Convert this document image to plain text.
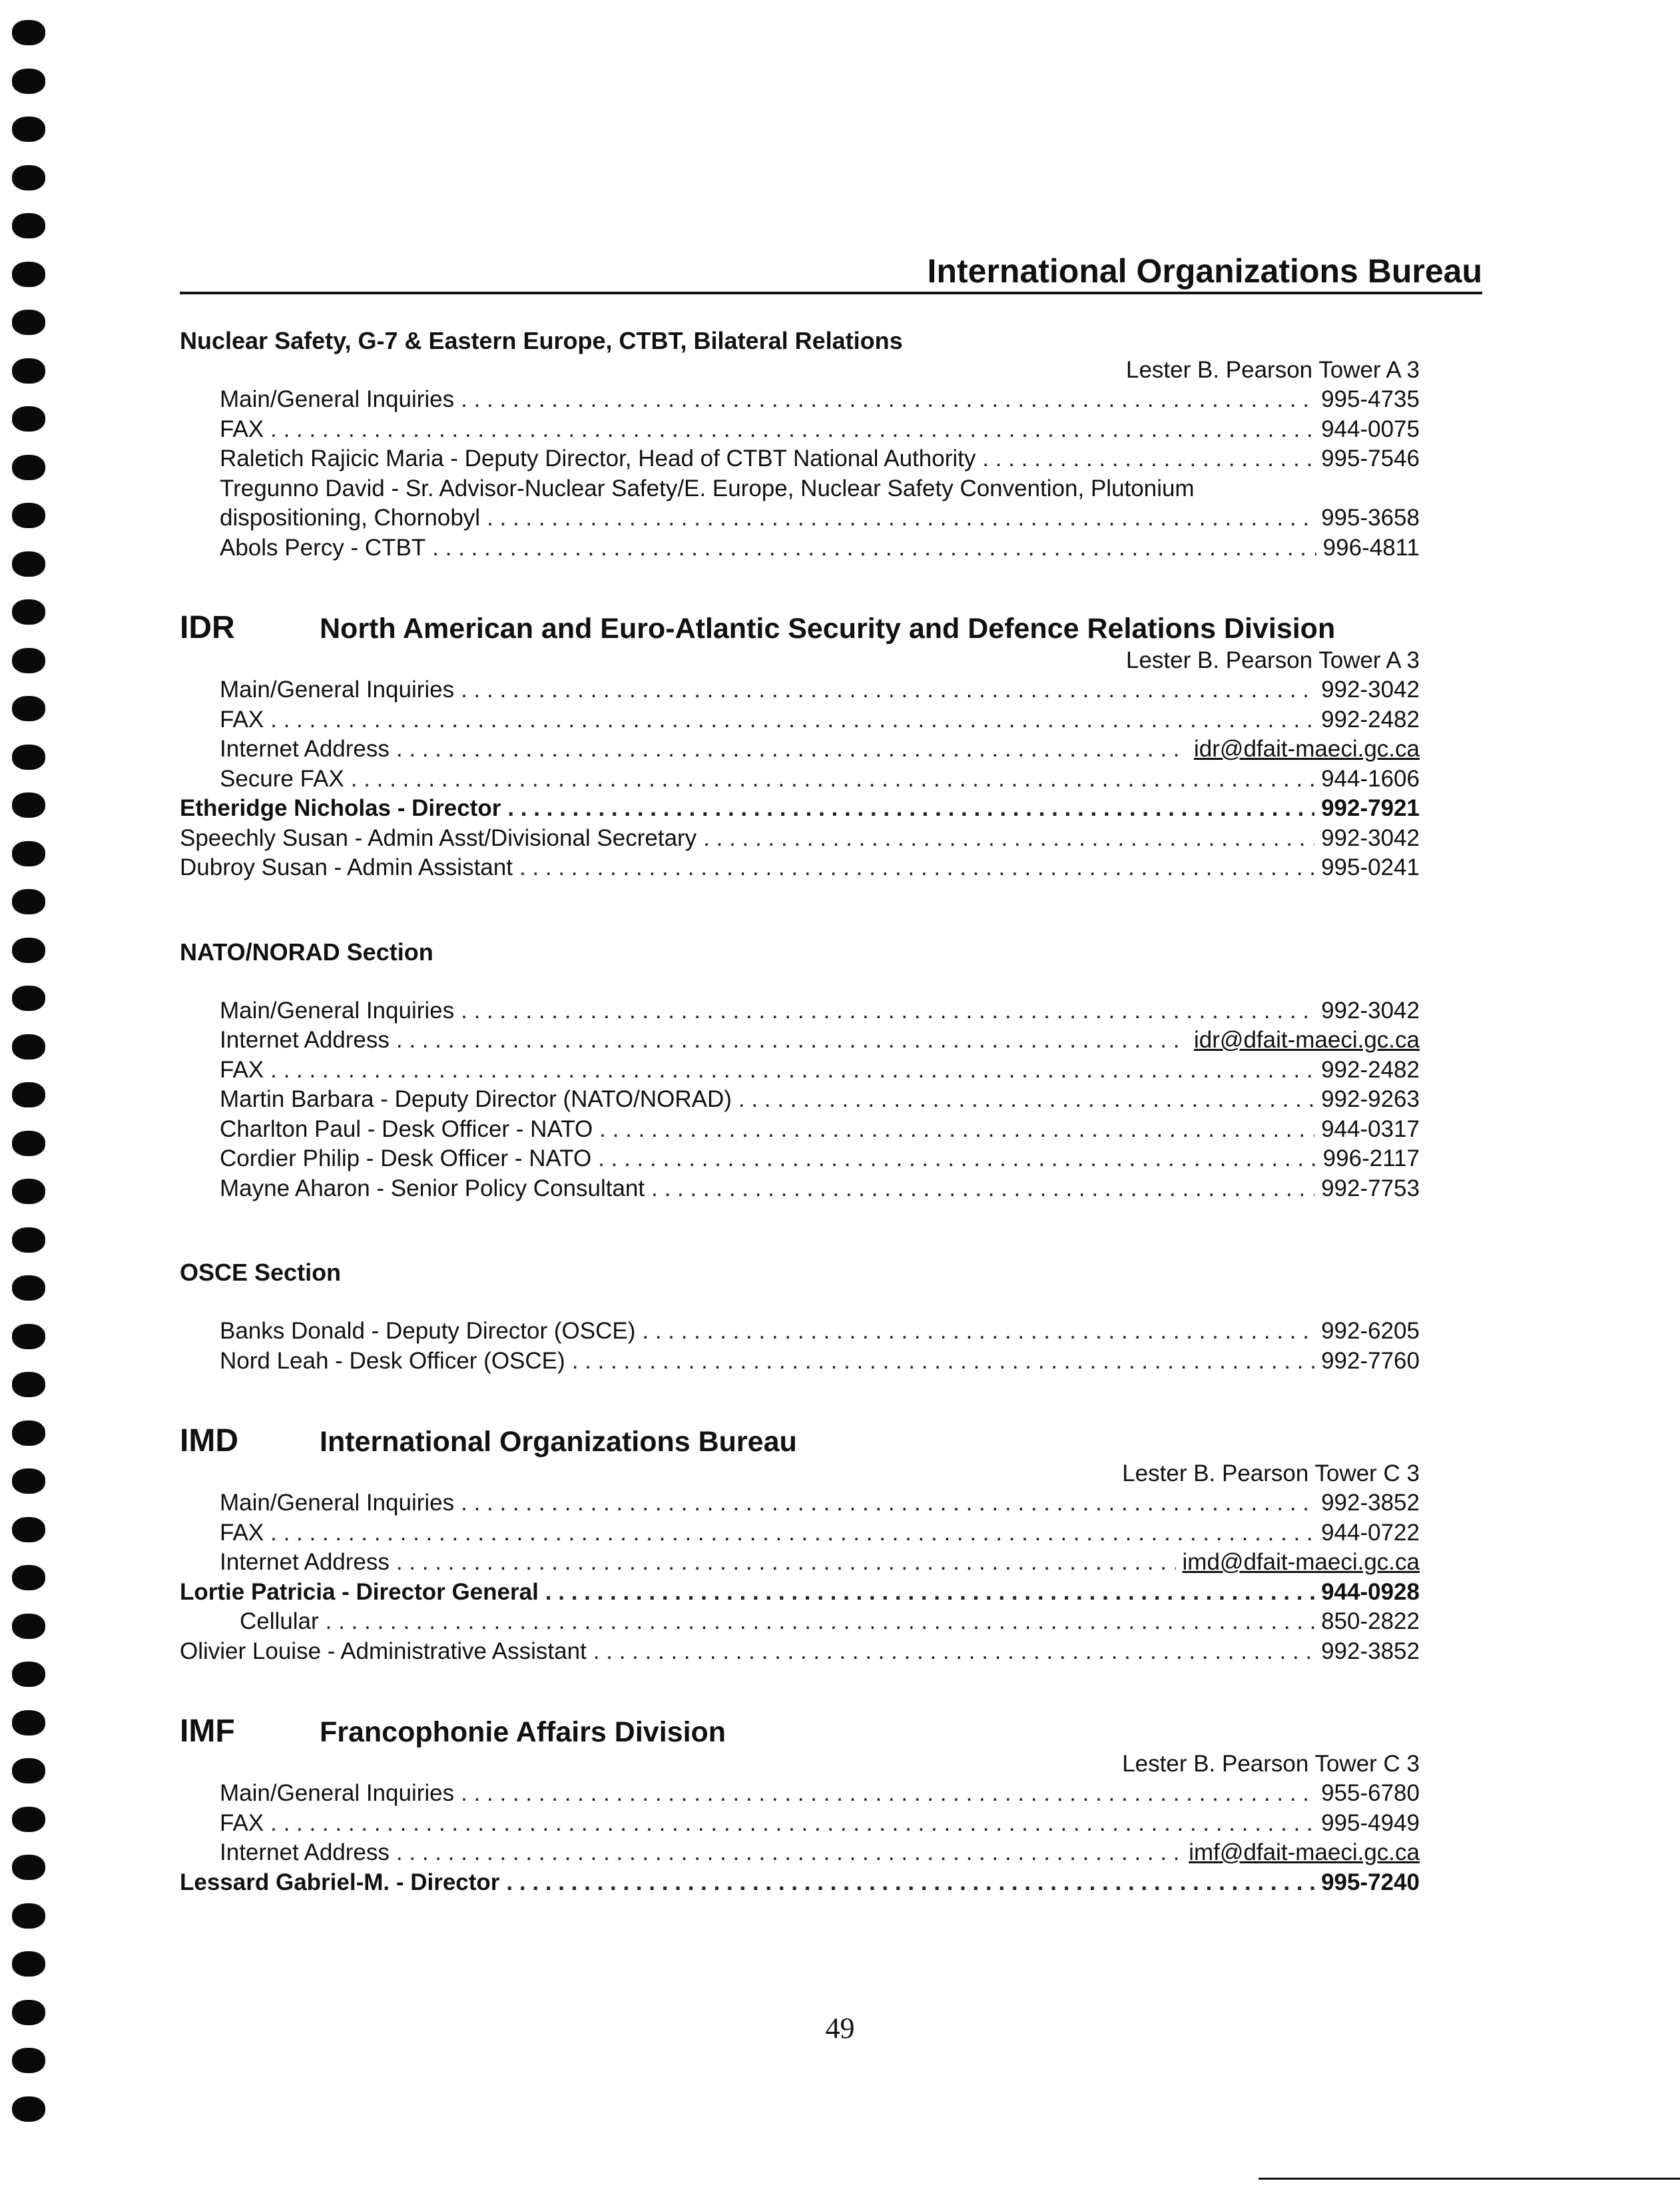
International Organizations Bureau
Nuclear Safety, G-7 & Eastern Europe, CTBT, Bilateral Relations
Lester B. Pearson Tower A 3
Main/General Inquiries . . .	995-4735
FAX . . .	944-0075
Raletich Rajicic Maria - Deputy Director, Head of CTBT National Authority . . .	995-7546
Tregunno David - Sr. Advisor-Nuclear Safety/E. Europe, Nuclear Safety Convention, Plutonium
dispositioning, Chornobyl . . .	995-3658
Abols Percy - CTBT . . .	996-4811
IDR	North American and Euro-Atlantic Security and Defence Relations Division
Lester B. Pearson Tower A 3
Main/General Inquiries . . .	992-3042
FAX . . .	992-2482
Internet Address . . .	idr@dfait-maeci.gc.ca
Secure FAX . . .	944-1606
Etheridge Nicholas - Director . . .	992-7921
Speechly Susan - Admin Asst/Divisional Secretary . . .	992-3042
Dubroy Susan - Admin Assistant . . .	995-0241
NATO/NORAD Section
Main/General Inquiries . . .	992-3042
Internet Address . . .	idr@dfait-maeci.gc.ca
FAX . . .	992-2482
Martin Barbara - Deputy Director (NATO/NORAD) . . .	992-9263
Charlton Paul - Desk Officer - NATO . . .	944-0317
Cordier Philip - Desk Officer - NATO . . .	996-2117
Mayne Aharon - Senior Policy Consultant . . .	992-7753
OSCE Section
Banks Donald - Deputy Director (OSCE) . . .	992-6205
Nord Leah - Desk Officer (OSCE) . . .	992-7760
IMD	International Organizations Bureau
Lester B. Pearson Tower C 3
Main/General Inquiries . . .	992-3852
FAX . . .	944-0722
Internet Address . . .	imd@dfait-maeci.gc.ca
Lortie Patricia - Director General . . .	944-0928
Cellular . . .	850-2822
Olivier Louise - Administrative Assistant . . .	992-3852
IMF	Francophonie Affairs Division
Lester B. Pearson Tower C 3
Main/General Inquiries . . .	955-6780
FAX . . .	995-4949
Internet Address . . .	imf@dfait-maeci.gc.ca
Lessard Gabriel-M. - Director . . .	995-7240
49
